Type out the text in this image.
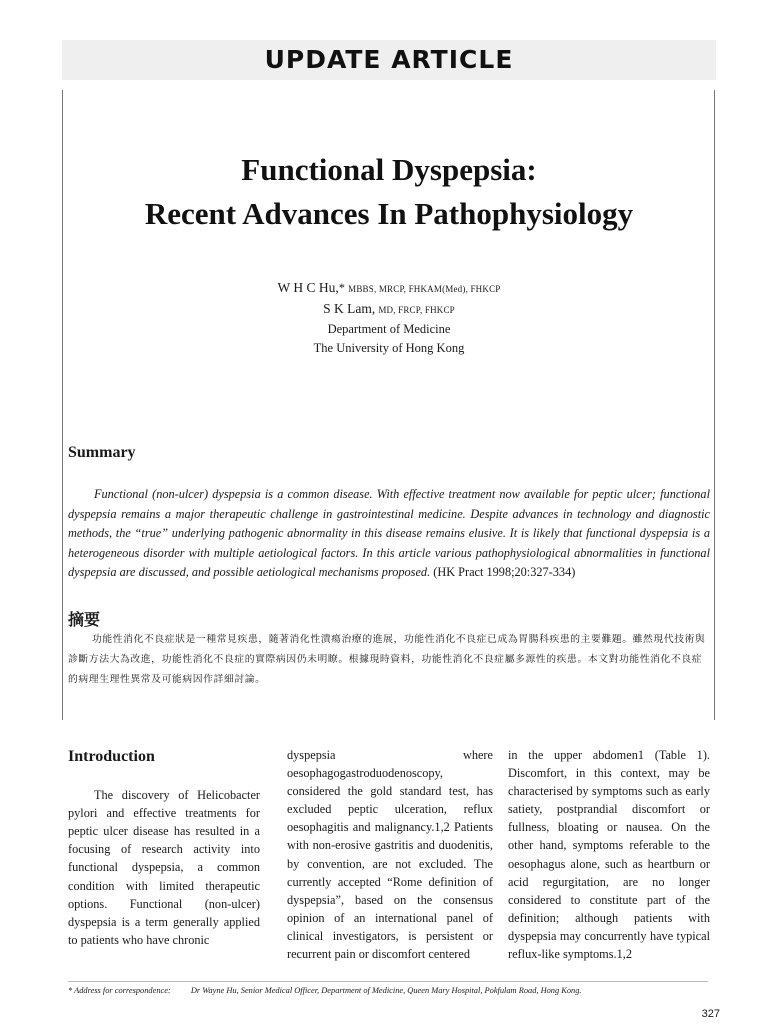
UPDATE ARTICLE
Functional Dyspepsia:
Recent Advances In Pathophysiology
W H C Hu,* MBBS, MRCP, FHKAM(Med), FHKCP
S K Lam, MD, FRCP, FHKCP
Department of Medicine
The University of Hong Kong
Summary
Functional (non-ulcer) dyspepsia is a common disease. With effective treatment now available for peptic ulcer; functional dyspepsia remains a major therapeutic challenge in gastrointestinal medicine. Despite advances in technology and diagnostic methods, the “true” underlying pathogenic abnormality in this disease remains elusive. It is likely that functional dyspepsia is a heterogeneous disorder with multiple aetiological factors. In this article various pathophysiological abnormalities in functional dyspepsia are discussed, and possible aetiological mechanisms proposed. (HK Pract 1998;20:327-334)
摘要
功能性消化不良症狀是一種常見疾患，隨著消化性潰瘍治療的進展，功能性消化不良症已成為胃腸科疾患的主要難題。雖然現代技術與診斷方法大為改進，功能性消化不良症的實際病因仍未明瞭。根據現時資料，功能性消化不良症屬多源性的疾患。本文對功能性消化不良症的病理生理性異常及可能病因作詳細討論。
Introduction

The discovery of Helicobacter pylori and effective treatments for peptic ulcer disease has resulted in a focusing of research activity into functional dyspepsia, a common condition with limited therapeutic options. Functional (non-ulcer) dyspepsia is a term generally applied to patients who have chronic

dyspepsia where oesophagogastroduodenoscopy, considered the gold standard test, has excluded peptic ulceration, reflux oesophagitis and malignancy.1,2 Patients with non-erosive gastritis and duodenitis, by convention, are not excluded. The currently accepted “Rome definition of dyspepsia”, based on the consensus opinion of an international panel of clinical investigators, is persistent or recurrent pain or discomfort centered

in the upper abdomen1 (Table 1). Discomfort, in this context, may be characterised by symptoms such as early satiety, postprandial discomfort or fullness, bloating or nausea. On the other hand, symptoms referable to the oesophagus alone, such as heartburn or acid regurgitation, are no longer considered to constitute part of the definition; although patients with dyspepsia may concurrently have typical reflux-like symptoms.1,2

* Address for correspondence: Dr Wayne Hu, Senior Medical Officer, Department of Medicine, Queen Mary Hospital, Pokfulam Road, Hong Kong.
327
